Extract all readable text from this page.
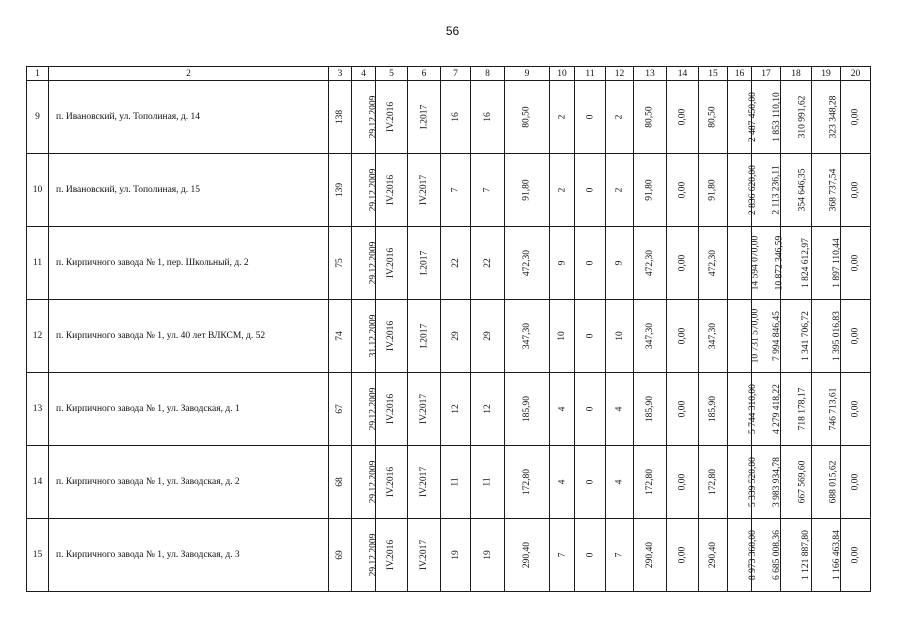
56
1	2	3	4	5	6	7	8	9	10	11	12	13	14	15	16	17	18	19	20
9	п. Ивановский, ул. Тополиная, д. 14	138	29.12.2009	IV.2016	I.2017	16	16	80,50	2	0	2	80,50	0,00	80,50	2 487 450,00	1 853 110,10	310 991,62	323 348,28	0,00
10	п. Ивановский, ул. Тополиная, д. 15	139	29.12.2009	IV.2016	IV.2017	7	7	91,80	2	0	2	91,80	0,00	91,80	2 836 620,00	2 113 236,11	354 646,35	368 737,54	0,00
11	п. Кирпичного завода № 1, пер. Школьный, д. 2	75	29.12.2009	IV.2016	I.2017	22	22	472,30	9	0	9	472,30	0,00	472,30	14 594 070,00	10 872 346,59	1 824 612,97	1 897 110,44	0,00
12	п. Кирпичного завода № 1, ул. 40 лет ВЛКСМ, д. 52	74	31.12.2009	IV.2016	I.2017	29	29	347,30	10	0	10	347,30	0,00	347,30	10 731 570,00	7 994 846,45	1 341 706,72	1 395 016,83	0,00
13	п. Кирпичного завода № 1, ул. Заводская, д. 1	67	29.12.2009	IV.2016	IV.2017	12	12	185,90	4	0	4	185,90	0,00	185,90	5 744 310,00	4 279 418,22	718 178,17	746 713,61	0,00
14	п. Кирпичного завода № 1, ул. Заводская, д. 2	68	29.12.2009	IV.2016	IV.2017	11	11	172,80	4	0	4	172,80	0,00	172,80	5 339 520,00	3 983 934,78	667 569,60	688 015,62	0,00
15	п. Кирпичного завода № 1, ул. Заводская, д. 3	69	29.12.2009	IV.2016	IV.2017	19	19	290,40	7	0	7	290,40	0,00	290,40	8 973 360,00	6 685 008,36	1 121 887,80	1 166 463,84	0,00
